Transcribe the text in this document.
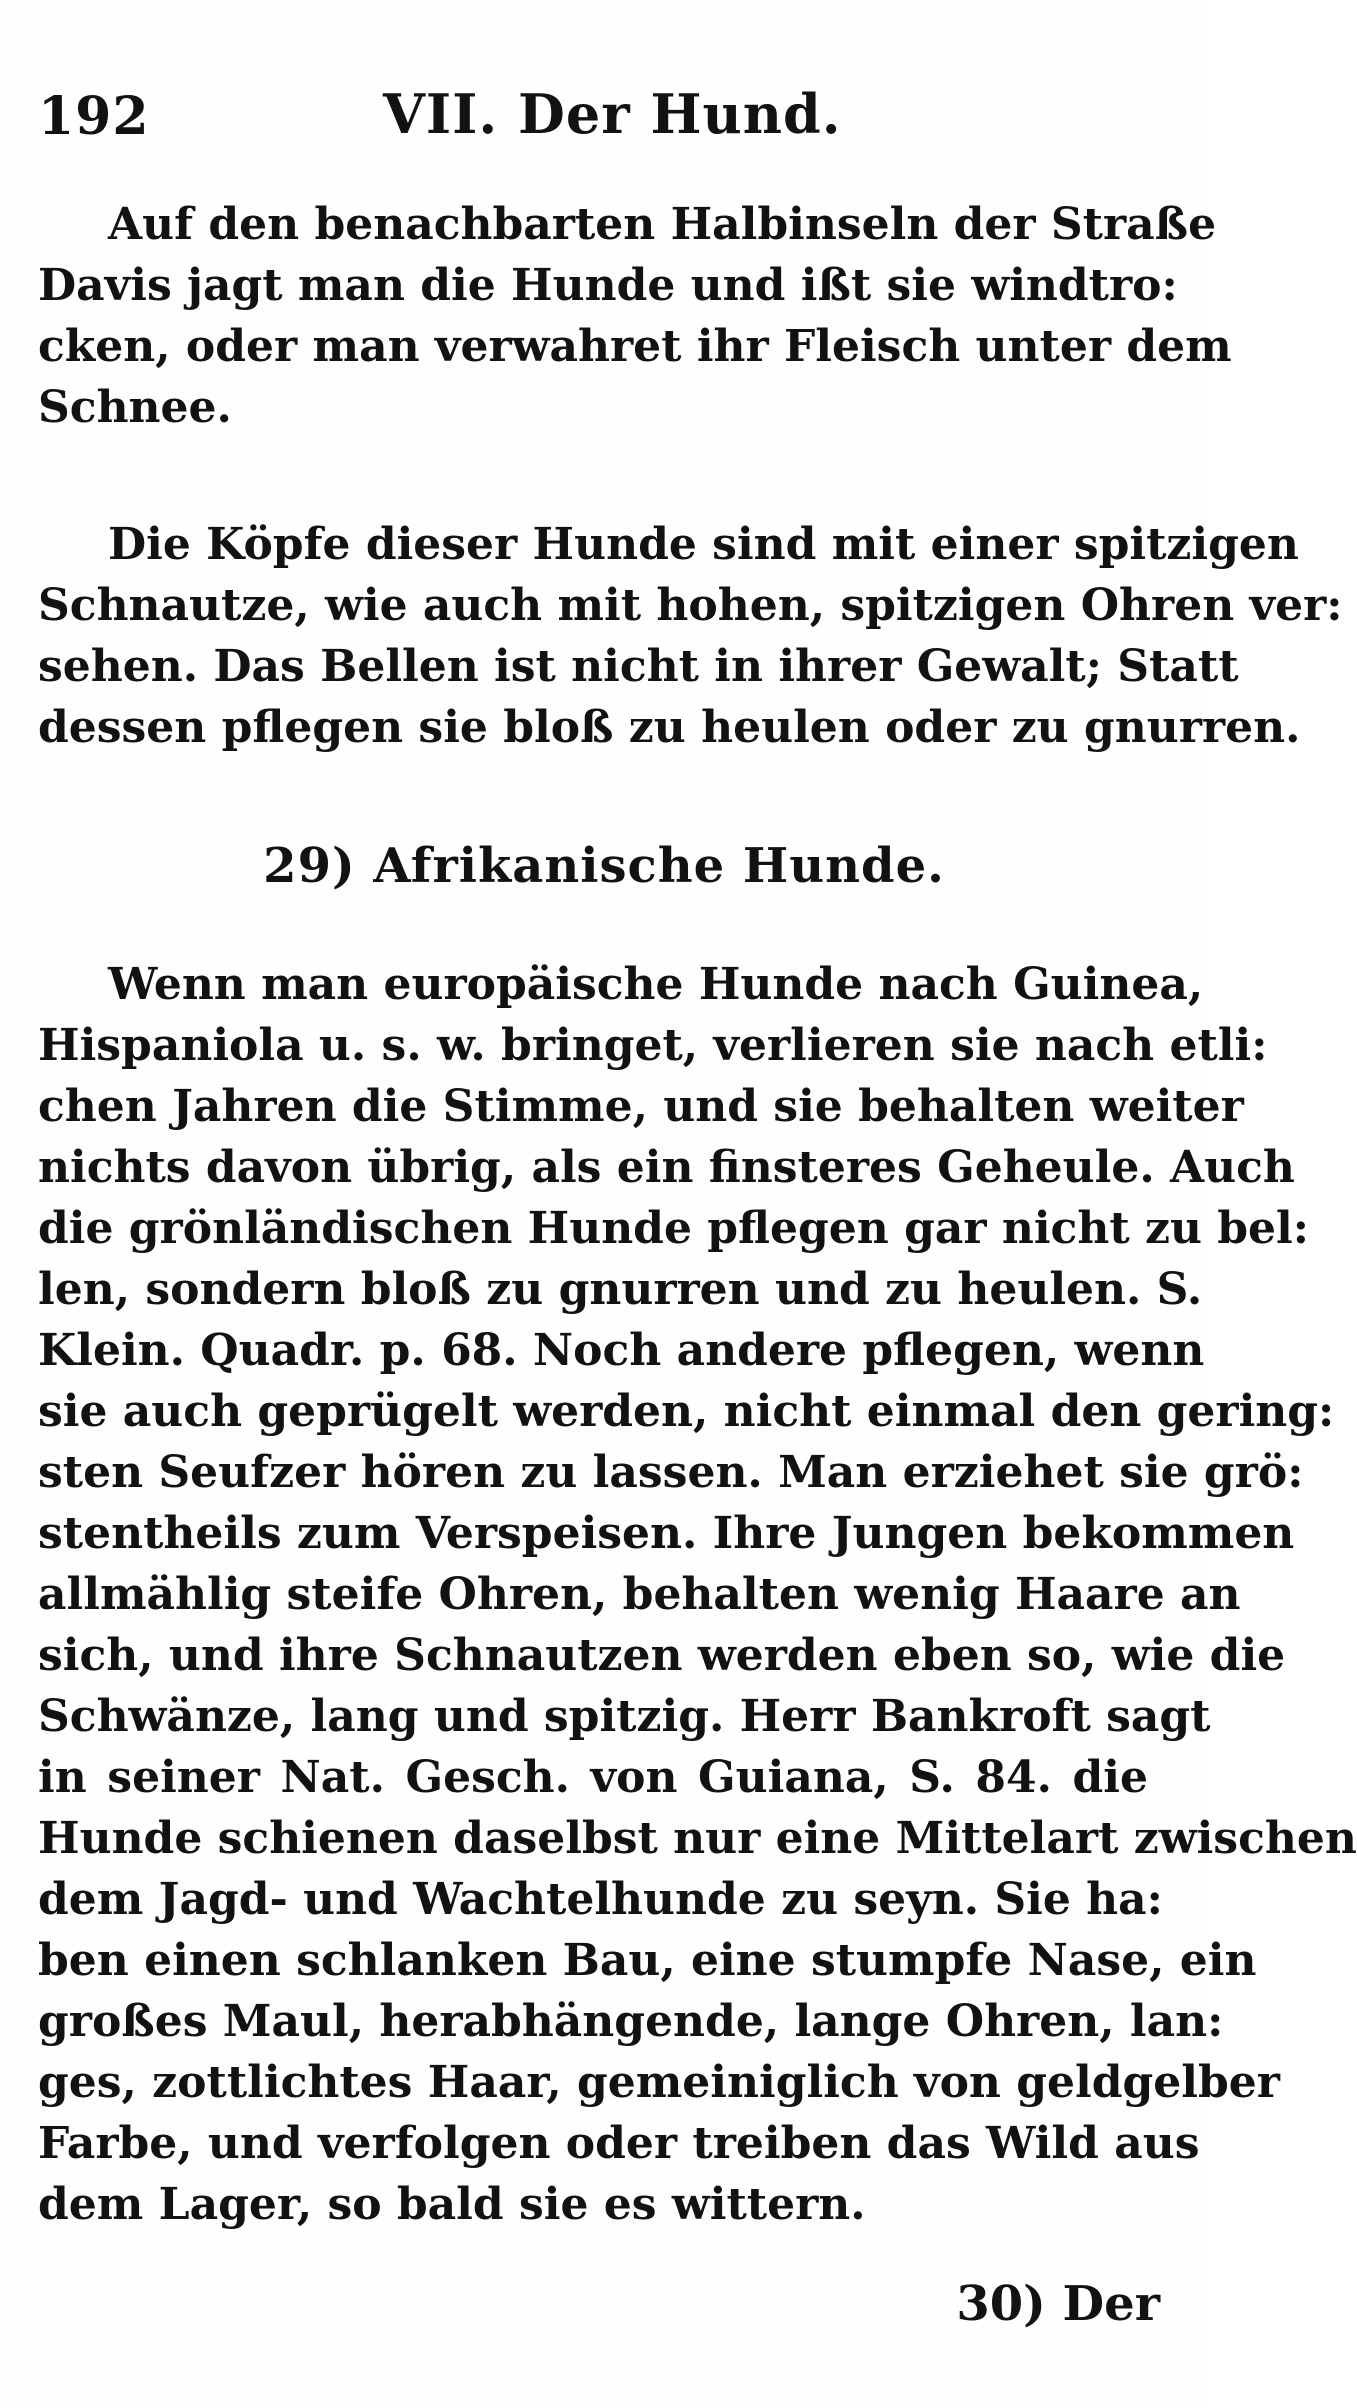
192	VII. Der Hund.

Auf den benachbarten Halbinseln der Straße
Davis jagt man die Hunde und ißt sie windtro:
cken, oder man verwahret ihr Fleisch unter dem
Schnee.

Die Köpfe dieser Hunde sind mit einer spitzigen
Schnautze, wie auch mit hohen, spitzigen Ohren ver:
sehen. Das Bellen ist nicht in ihrer Gewalt; Statt
dessen pflegen sie bloß zu heulen oder zu gnurren.

29) Afrikanische Hunde.

Wenn man europäische Hunde nach Guinea,
Hispaniola u. s. w. bringet, verlieren sie nach etli:
chen Jahren die Stimme, und sie behalten weiter
nichts davon übrig, als ein finsteres Geheule. Auch
die grönländischen Hunde pflegen gar nicht zu bel:
len, sondern bloß zu gnurren und zu heulen. S.
Klein. Quadr. p. 68. Noch andere pflegen, wenn
sie auch geprügelt werden, nicht einmal den gering:
sten Seufzer hören zu lassen. Man erziehet sie grö:
stentheils zum Verspeisen. Ihre Jungen bekommen
allmählig steife Ohren, behalten wenig Haare an
sich, und ihre Schnautzen werden eben so, wie die
Schwänze, lang und spitzig. Herr Bankroft sagt
in seiner Nat. Gesch. von Guiana, S. 84. die
Hunde schienen daselbst nur eine Mittelart zwischen
dem Jagd- und Wachtelhunde zu seyn. Sie ha:
ben einen schlanken Bau, eine stumpfe Nase, ein
großes Maul, herabhängende, lange Ohren, lan:
ges, zottlichtes Haar, gemeiniglich von geldgelber
Farbe, und verfolgen oder treiben das Wild aus
dem Lager, so bald sie es wittern.

30) Der
